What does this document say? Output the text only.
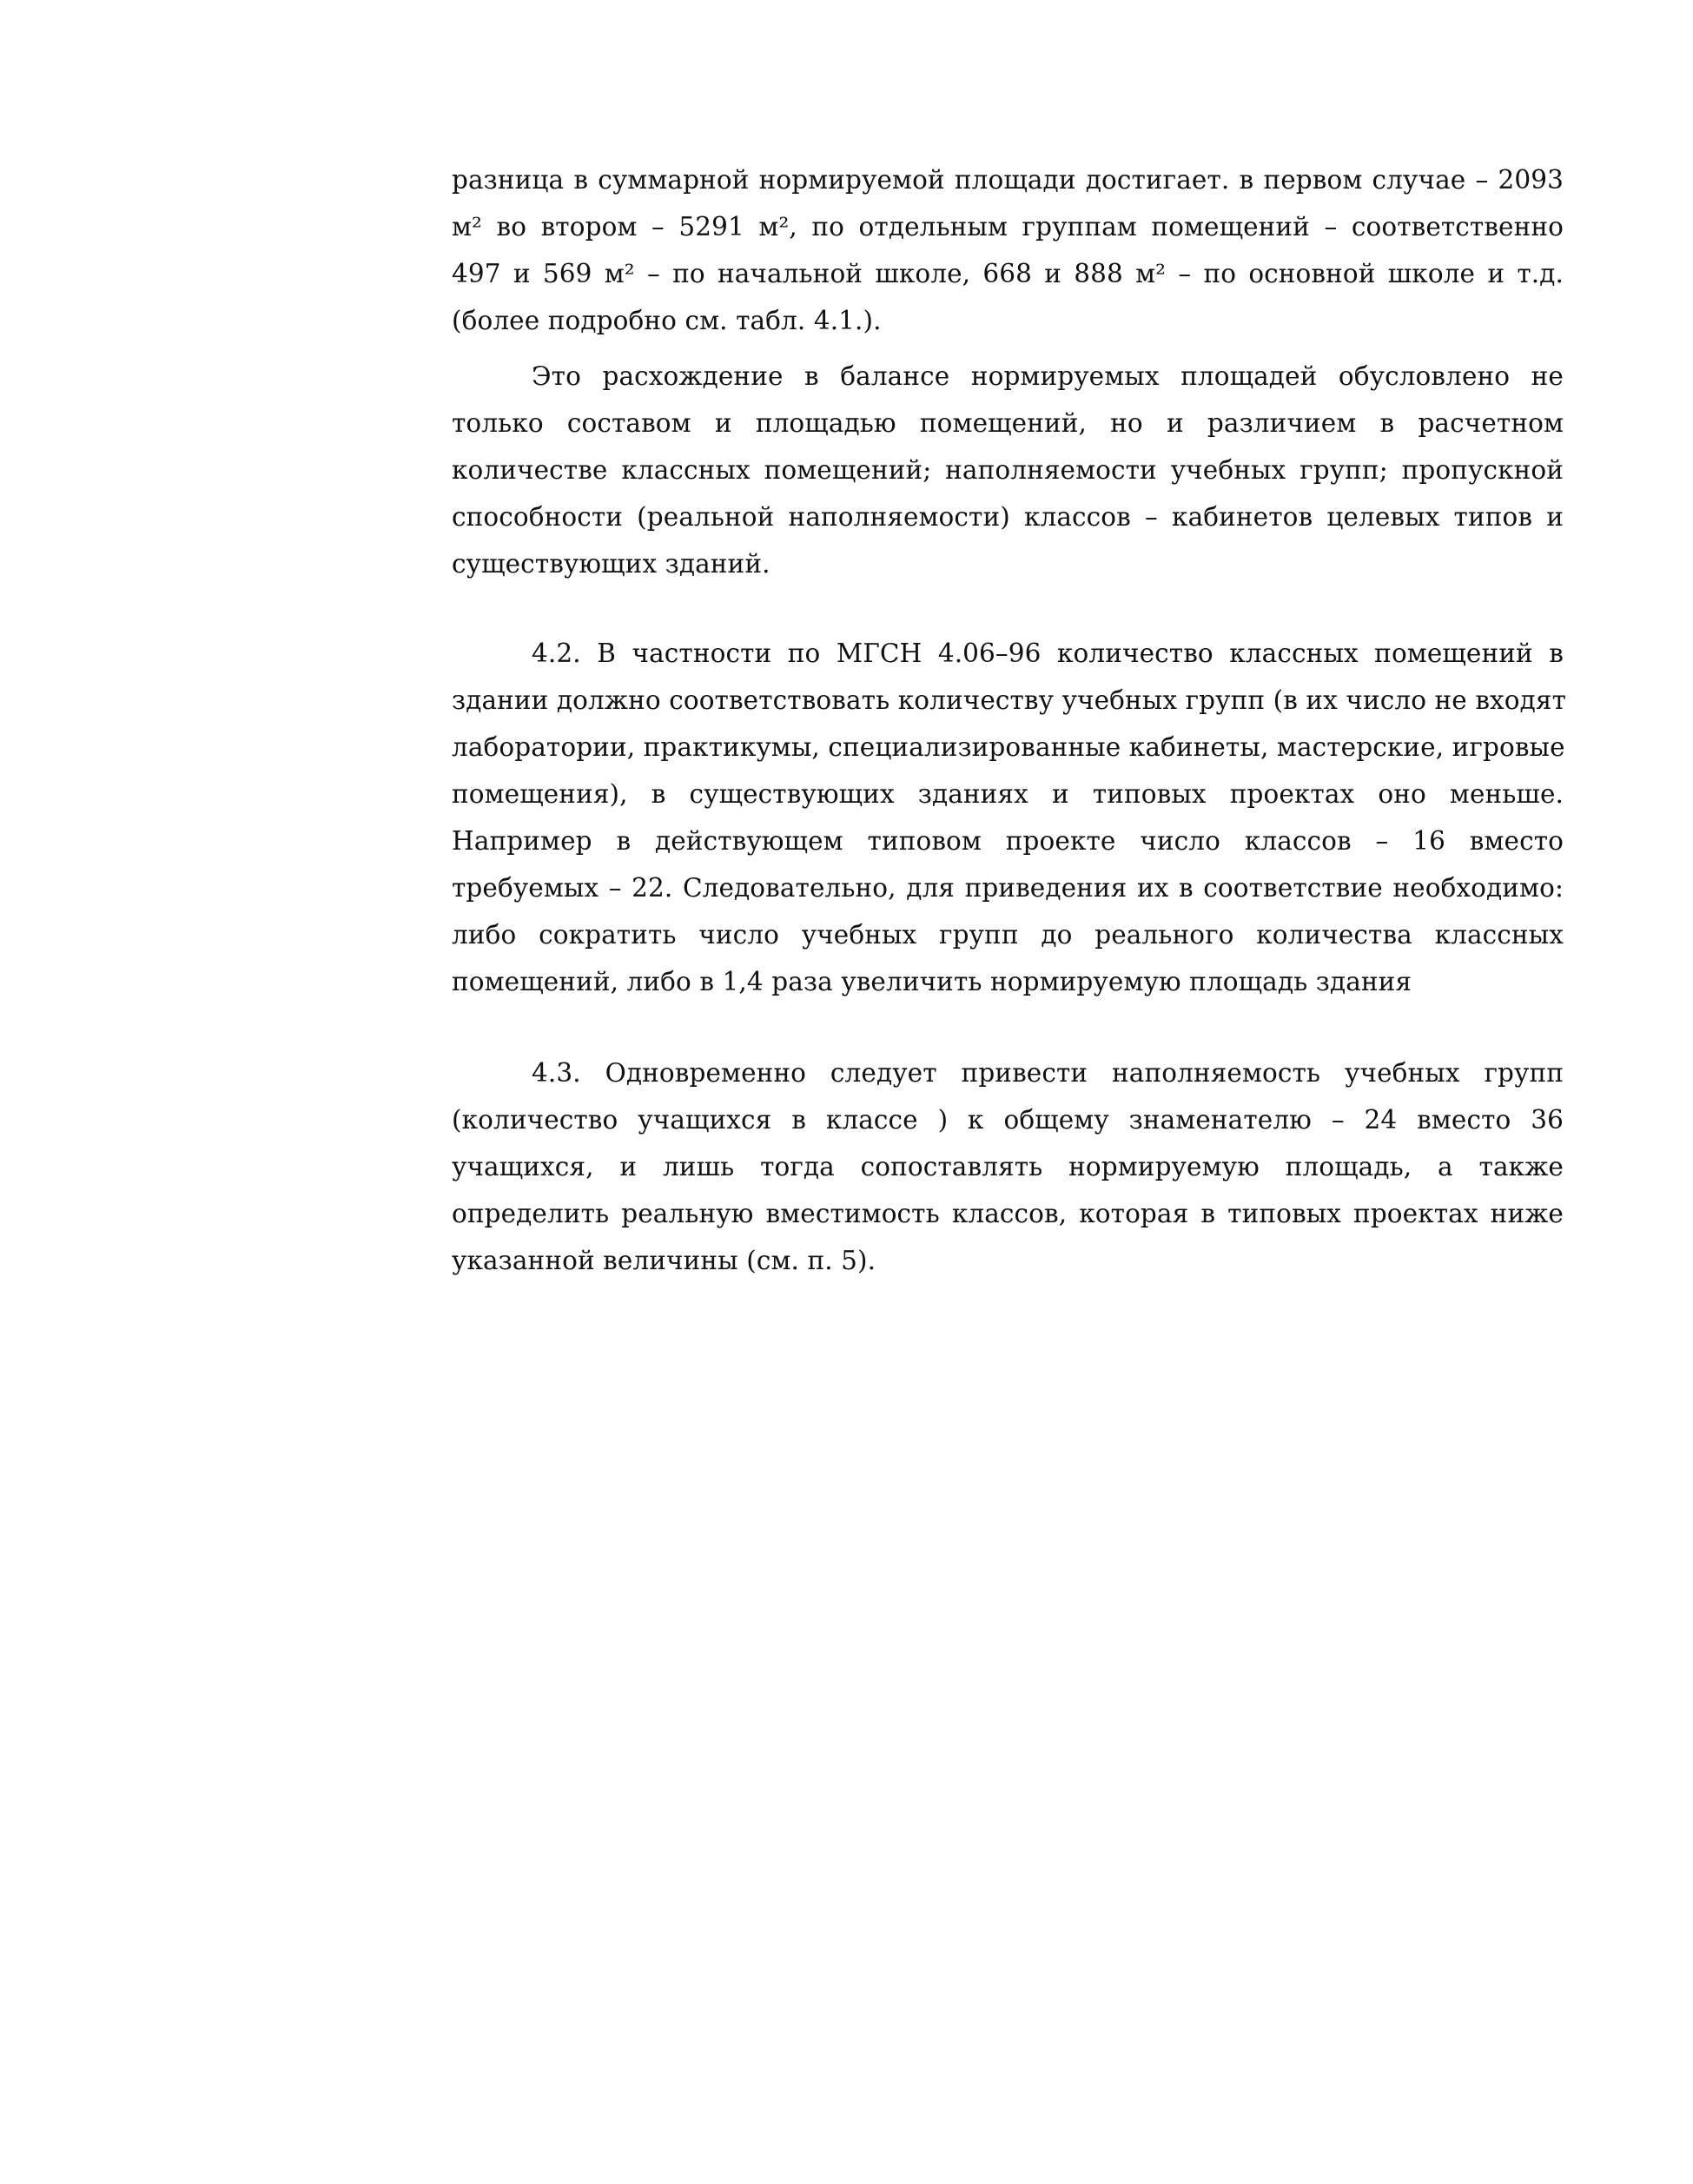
разница в суммарной нормируемой площади достигает. в первом случае – 2093
м² во втором – 5291 м², по отдельным группам помещений – соответственно
497 и 569 м² – по начальной школе, 668 и 888 м² – по основной школе и т.д.
(более подробно см. табл. 4.1.).
Это расхождение в балансе нормируемых площадей обусловлено не
только составом и площадью помещений, но и различием в расчетном
количестве классных помещений; наполняемости учебных групп; пропускной
способности (реальной наполняемости) классов – кабинетов целевых типов и
существующих зданий.
4.2. В частности по МГСН 4.06–96 количество классных помещений в
здании должно соответствовать количеству учебных групп (в их число не входят
лаборатории, практикумы, специализированные кабинеты, мастерские, игровые
помещения), в существующих зданиях и типовых проектах оно меньше.
Например в действующем типовом проекте число классов – 16 вместо
требуемых – 22. Следовательно, для приведения их в соответствие необходимо:
либо сократить число учебных групп до реального количества классных
помещений, либо в 1,4 раза увеличить нормируемую площадь здания
4.3. Одновременно следует привести наполняемость учебных групп
(количество учащихся в классе ) к общему знаменателю – 24 вместо 36
учащихся, и лишь тогда сопоставлять нормируемую площадь, а также
определить реальную вместимость классов, которая в типовых проектах ниже
указанной величины (см. п. 5).
